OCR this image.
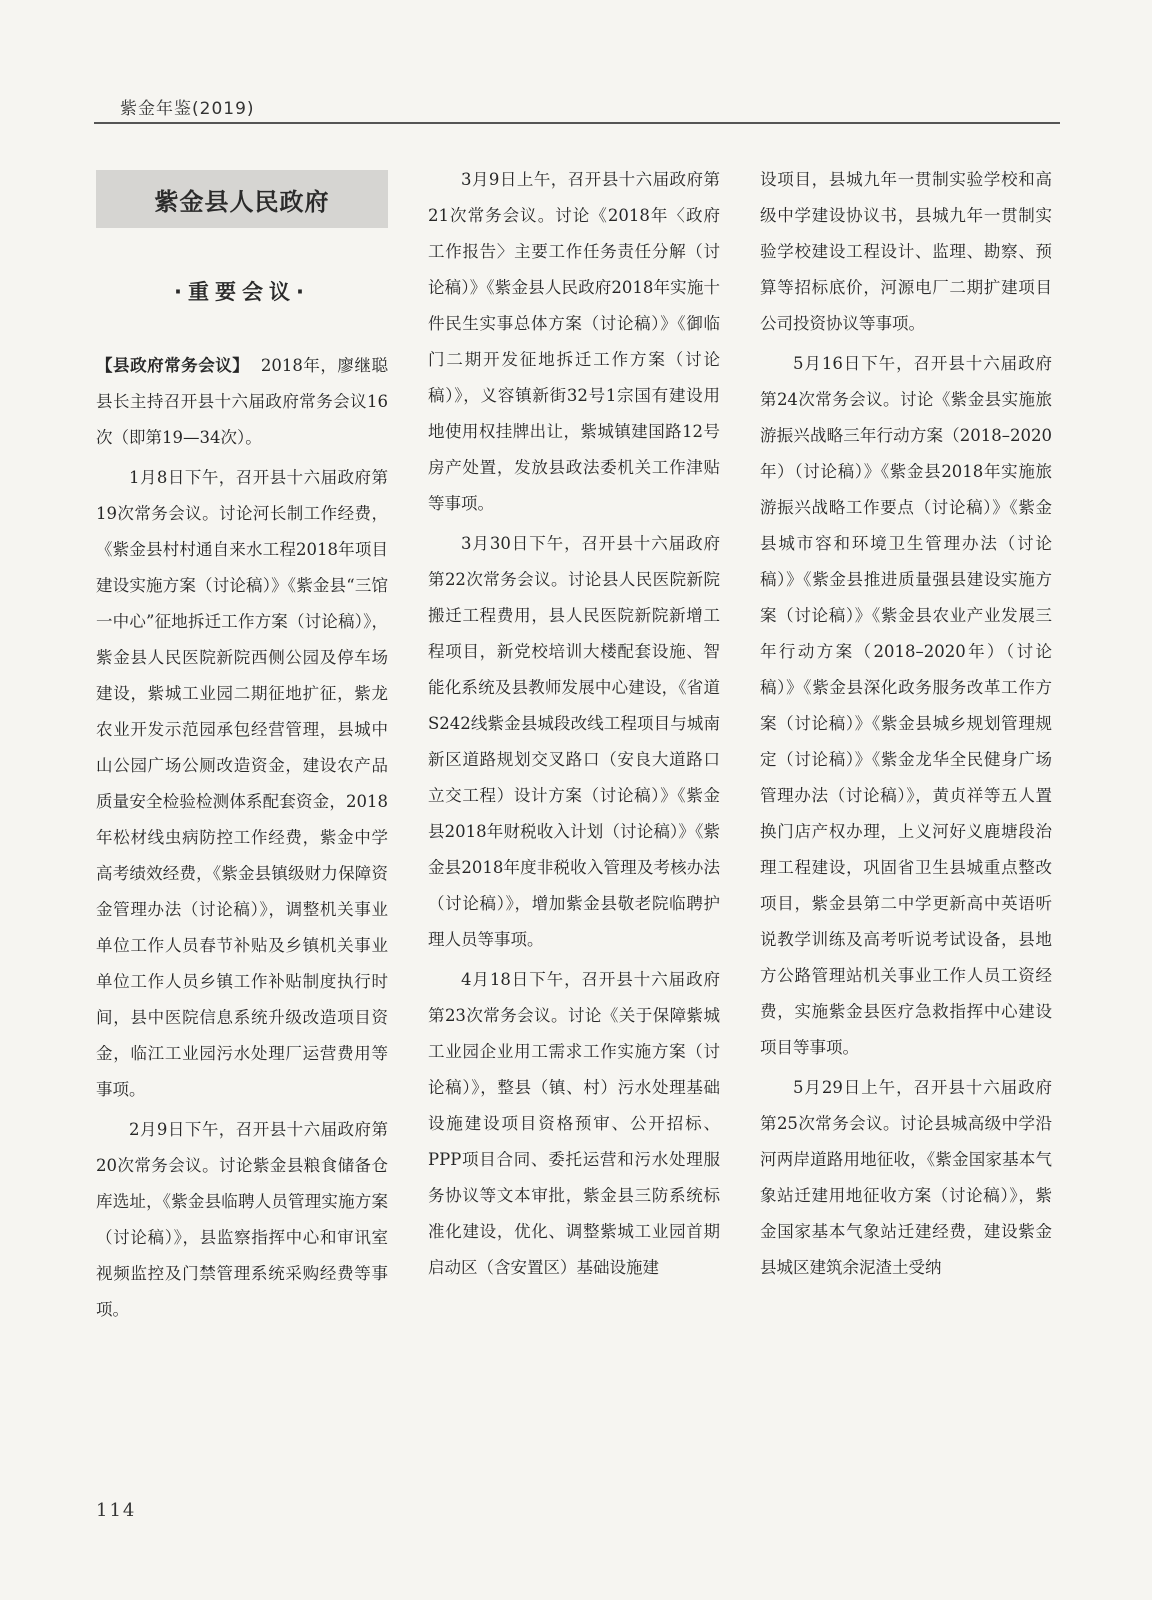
紫金年鉴(2019)
紫金县人民政府
·重要会议·

【县政府常务会议】 2018年，廖继聪县长主持召开县十六届政府常务会议16次（即第19—34次）。

1月8日下午，召开县十六届政府第19次常务会议。讨论河长制工作经费，《紫金县村村通自来水工程2018年项目建设实施方案（讨论稿）》《紫金县“三馆一中心”征地拆迁工作方案（讨论稿）》，紫金县人民医院新院西侧公园及停车场建设，紫城工业园二期征地扩征，紫龙农业开发示范园承包经营管理，县城中山公园广场公厕改造资金，建设农产品质量安全检验检测体系配套资金，2018年松材线虫病防控工作经费，紫金中学高考绩效经费，《紫金县镇级财力保障资金管理办法（讨论稿）》，调整机关事业单位工作人员春节补贴及乡镇机关事业单位工作人员乡镇工作补贴制度执行时间，县中医院信息系统升级改造项目资金，临江工业园污水处理厂运营费用等事项。

2月9日下午，召开县十六届政府第20次常务会议。讨论紫金县粮食储备仓库选址，《紫金县临聘人员管理实施方案（讨论稿）》，县监察指挥中心和审讯室视频监控及门禁管理系统采购经费等事项。

3月9日上午，召开县十六届政府第21次常务会议。讨论《2018年〈政府工作报告〉主要工作任务责任分解（讨论稿）》《紫金县人民政府2018年实施十件民生实事总体方案（讨论稿）》《御临门二期开发征地拆迁工作方案（讨论稿）》，义容镇新街32号1宗国有建设用地使用权挂牌出让，紫城镇建国路12号房产处置，发放县政法委机关工作津贴等事项。

3月30日下午，召开县十六届政府第22次常务会议。讨论县人民医院新院搬迁工程费用，县人民医院新院新增工程项目，新党校培训大楼配套设施、智能化系统及县教师发展中心建设，《省道S242线紫金县城段改线工程项目与城南新区道路规划交叉路口（安良大道路口立交工程）设计方案（讨论稿）》《紫金县2018年财税收入计划（讨论稿）》《紫金县2018年度非税收入管理及考核办法（讨论稿）》，增加紫金县敬老院临聘护理人员等事项。

4月18日下午，召开县十六届政府第23次常务会议。讨论《关于保障紫城工业园企业用工需求工作实施方案（讨论稿）》，整县（镇、村）污水处理基础设施建设项目资格预审、公开招标、PPP项目合同、委托运营和污水处理服务协议等文本审批，紫金县三防系统标准化建设，优化、调整紫城工业园首期启动区（含安置区）基础设施建

设项目，县城九年一贯制实验学校和高级中学建设协议书，县城九年一贯制实验学校建设工程设计、监理、勘察、预算等招标底价，河源电厂二期扩建项目公司投资协议等事项。

5月16日下午，召开县十六届政府第24次常务会议。讨论《紫金县实施旅游振兴战略三年行动方案（2018–2020年）（讨论稿）》《紫金县2018年实施旅游振兴战略工作要点（讨论稿）》《紫金县城市容和环境卫生管理办法（讨论稿）》《紫金县推进质量强县建设实施方案（讨论稿）》《紫金县农业产业发展三年行动方案（2018–2020年）（讨论稿）》《紫金县深化政务服务改革工作方案（讨论稿）》《紫金县城乡规划管理规定（讨论稿）》《紫金龙华全民健身广场管理办法（讨论稿）》，黄贞祥等五人置换门店产权办理，上义河好义鹿塘段治理工程建设，巩固省卫生县城重点整改项目，紫金县第二中学更新高中英语听说教学训练及高考听说考试设备，县地方公路管理站机关事业工作人员工资经费，实施紫金县医疗急救指挥中心建设项目等事项。

5月29日上午，召开县十六届政府第25次常务会议。讨论县城高级中学沿河两岸道路用地征收，《紫金国家基本气象站迁建用地征收方案（讨论稿）》，紫金国家基本气象站迁建经费，建设紫金县城区建筑余泥渣土受纳

114
